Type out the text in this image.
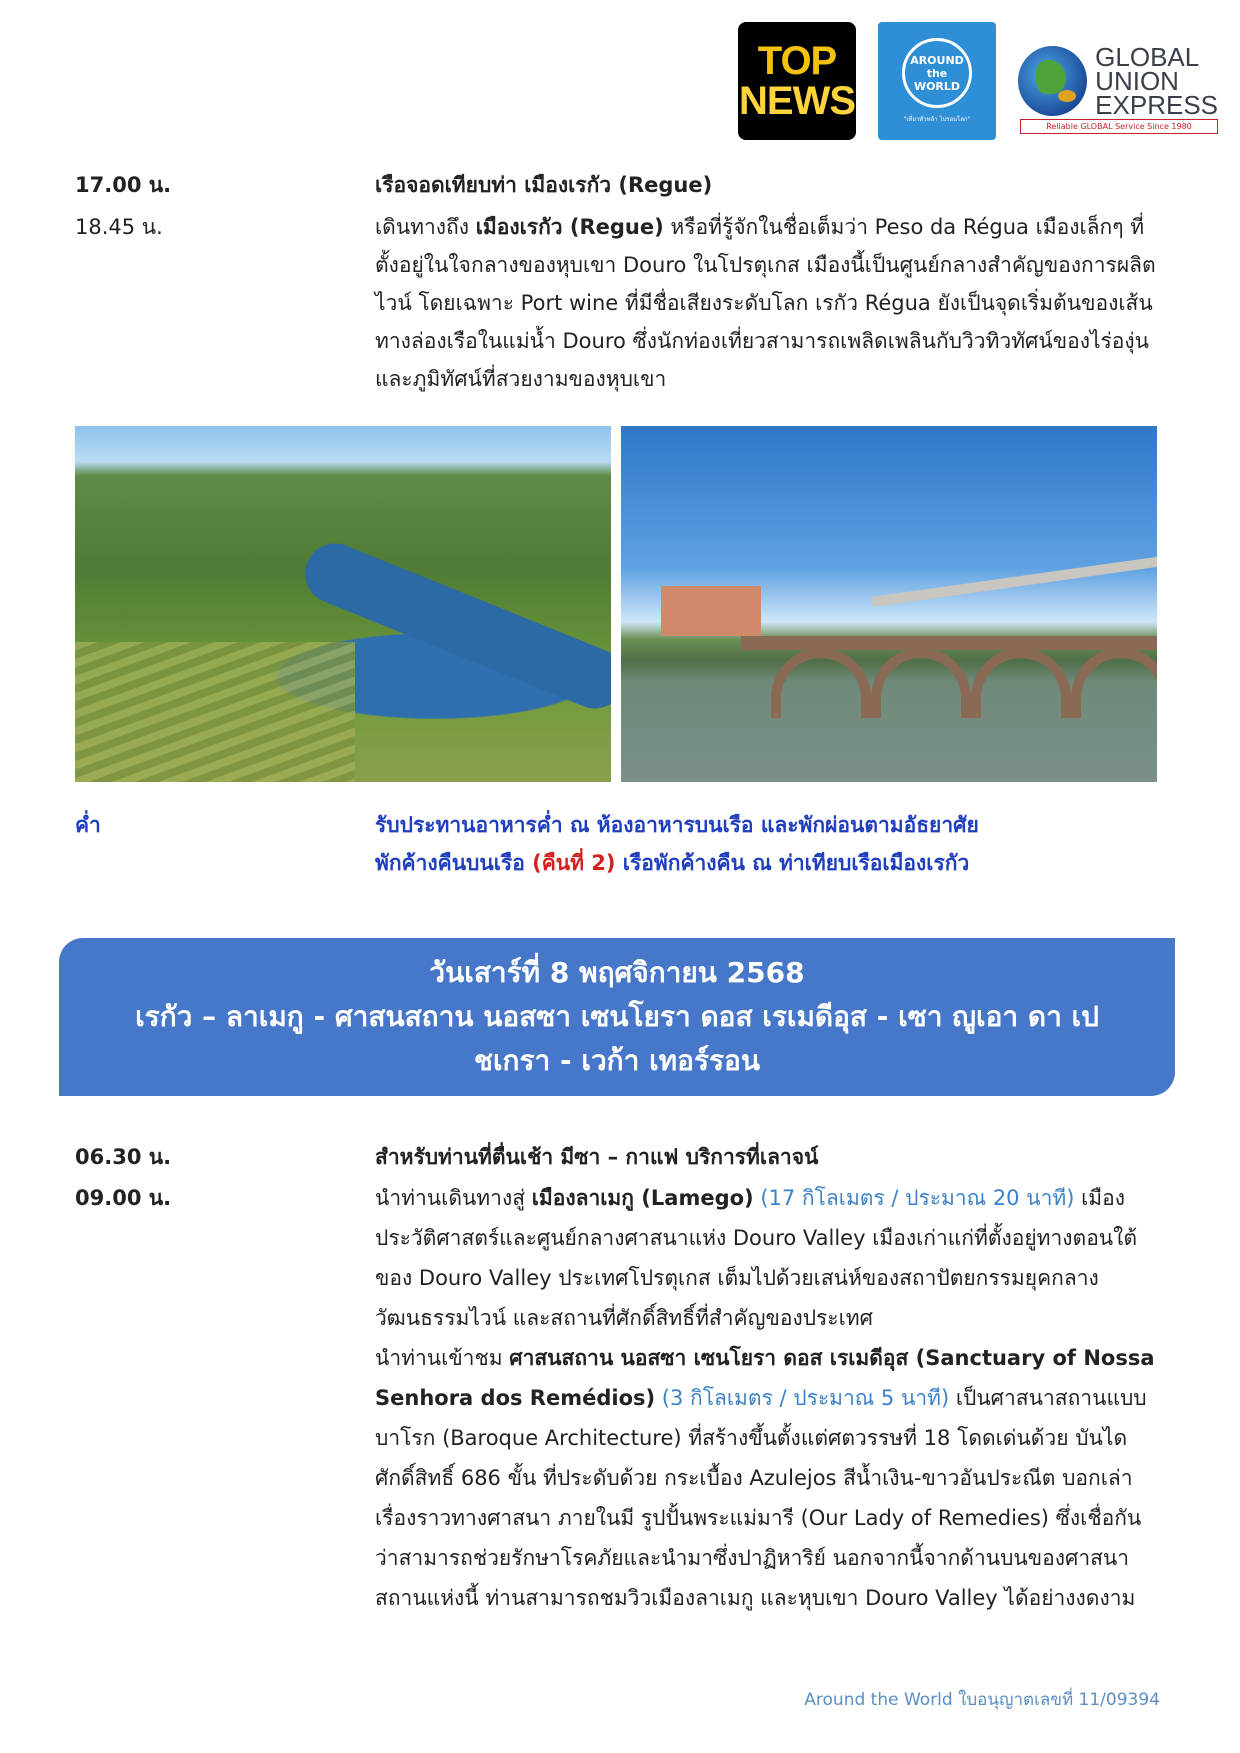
TOP
NEWS
AROUND the WORLD
"เที่ยวทั่วหล้า ไปรอบโลก"
GLOBAL
UNION
EXPRESS
Reliable GLOBAL Service Since 1980
17.00 น.	เรือจอดเทียบท่า เมืองเรกัว (Regue)
18.45 น.	เดินทางถึง เมืองเรกัว (Regue) หรือที่รู้จักในชื่อเต็มว่า Peso da Régua เมืองเล็กๆ ที่ตั้งอยู่ในใจกลางของหุบเขา Douro ในโปรตุเกส เมืองนี้เป็นศูนย์กลางสำคัญของการผลิตไวน์ โดยเฉพาะ Port wine ที่มีชื่อเสียงระดับโลก เรกัว Régua ยังเป็นจุดเริ่มต้นของเส้นทางล่องเรือในแม่น้ำ Douro ซึ่งนักท่องเที่ยวสามารถเพลิดเพลินกับวิวทิวทัศน์ของไร่องุ่นและภูมิทัศน์ที่สวยงามของหุบเขา
ค่ำ	รับประทานอาหารค่ำ ณ ห้องอาหารบนเรือ และพักผ่อนตามอัธยาศัย
พักค้างคืนบนเรือ (คืนที่ 2) เรือพักค้างคืน ณ ท่าเทียบเรือเมืองเรกัว
วันเสาร์ที่ 8 พฤศจิกายน 2568
เรกัว – ลาเมกู - ศาสนสถาน นอสซา เซนโยรา ดอส เรเมดีอุส - เซา ญูเอา ดา เป
ชเกรา - เวก้า เทอร์รอน
06.30 น.	สำหรับท่านที่ตื่นเช้า มีซา – กาแฟ บริการที่เลาจน์
09.00 น.	นำท่านเดินทางสู่ เมืองลาเมกู (Lamego) (17 กิโลเมตร / ประมาณ 20 นาที) เมืองประวัติศาสตร์และศูนย์กลางศาสนาแห่ง Douro Valley เมืองเก่าแก่ที่ตั้งอยู่ทางตอนใต้ของ Douro Valley ประเทศโปรตุเกส เต็มไปด้วยเสน่ห์ของสถาปัตยกรรมยุคกลาง วัฒนธรรมไวน์ และสถานที่ศักดิ์สิทธิ์ที่สำคัญของประเทศ
นำท่านเข้าชม ศาสนสถาน นอสซา เซนโยรา ดอส เรเมดีอุส (Sanctuary of Nossa Senhora dos Remédios) (3 กิโลเมตร / ประมาณ 5 นาที) เป็นศาสนาสถานแบบบาโรก (Baroque Architecture) ที่สร้างขึ้นตั้งแต่ศตวรรษที่ 18 โดดเด่นด้วย บันไดศักดิ์สิทธิ์ 686 ขั้น ที่ประดับด้วย กระเบื้อง Azulejos สีน้ำเงิน-ขาวอันประณีต บอกเล่าเรื่องราวทางศาสนา ภายในมี รูปปั้นพระแม่มารี (Our Lady of Remedies) ซึ่งเชื่อกันว่าสามารถช่วยรักษาโรคภัยและนำมาซึ่งปาฏิหาริย์ นอกจากนี้จากด้านบนของศาสนาสถานแห่งนี้ ท่านสามารถชมวิวเมืองลาเมกู และหุบเขา Douro Valley ได้อย่างงดงาม
Around the World ใบอนุญาตเลขที่ 11/09394
